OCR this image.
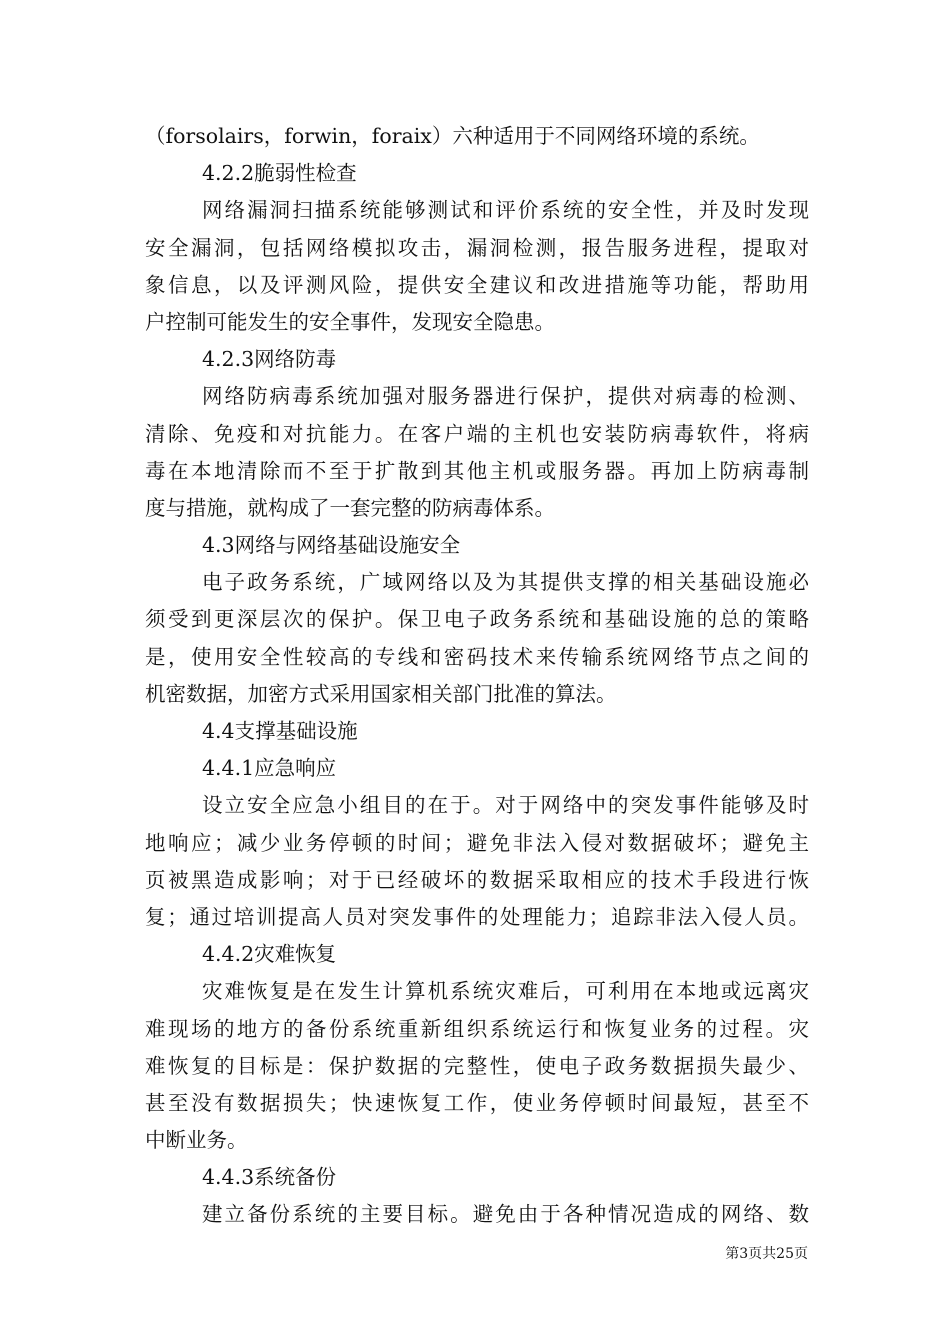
（forsolairs，forwin，foraix）六种适用于不同网络环境的系统。
4.2.2脆弱性检查
网络漏洞扫描系统能够测试和评价系统的安全性，并及时发现
安全漏洞，包括网络模拟攻击，漏洞检测，报告服务进程，提取对
象信息，以及评测风险，提供安全建议和改进措施等功能，帮助用
户控制可能发生的安全事件，发现安全隐患。
4.2.3网络防毒
网络防病毒系统加强对服务器进行保护，提供对病毒的检测、
清除、免疫和对抗能力。在客户端的主机也安装防病毒软件，将病
毒在本地清除而不至于扩散到其他主机或服务器。再加上防病毒制
度与措施，就构成了一套完整的防病毒体系。
4.3网络与网络基础设施安全
电子政务系统，广域网络以及为其提供支撑的相关基础设施必
须受到更深层次的保护。保卫电子政务系统和基础设施的总的策略
是，使用安全性较高的专线和密码技术来传输系统网络节点之间的
机密数据，加密方式采用国家相关部门批准的算法。
4.4支撑基础设施
4.4.1应急响应
设立安全应急小组目的在于。对于网络中的突发事件能够及时
地响应；减少业务停顿的时间；避免非法入侵对数据破坏；避免主
页被黑造成影响；对于已经破坏的数据采取相应的技术手段进行恢
复；通过培训提高人员对突发事件的处理能力；追踪非法入侵人员。
4.4.2灾难恢复
灾难恢复是在发生计算机系统灾难后，可利用在本地或远离灾
难现场的地方的备份系统重新组织系统运行和恢复业务的过程。灾
难恢复的目标是：保护数据的完整性，使电子政务数据损失最少、
甚至没有数据损失；快速恢复工作，使业务停顿时间最短，甚至不
中断业务。
4.4.3系统备份
建立备份系统的主要目标。避免由于各种情况造成的网络、数
第3页共25页
